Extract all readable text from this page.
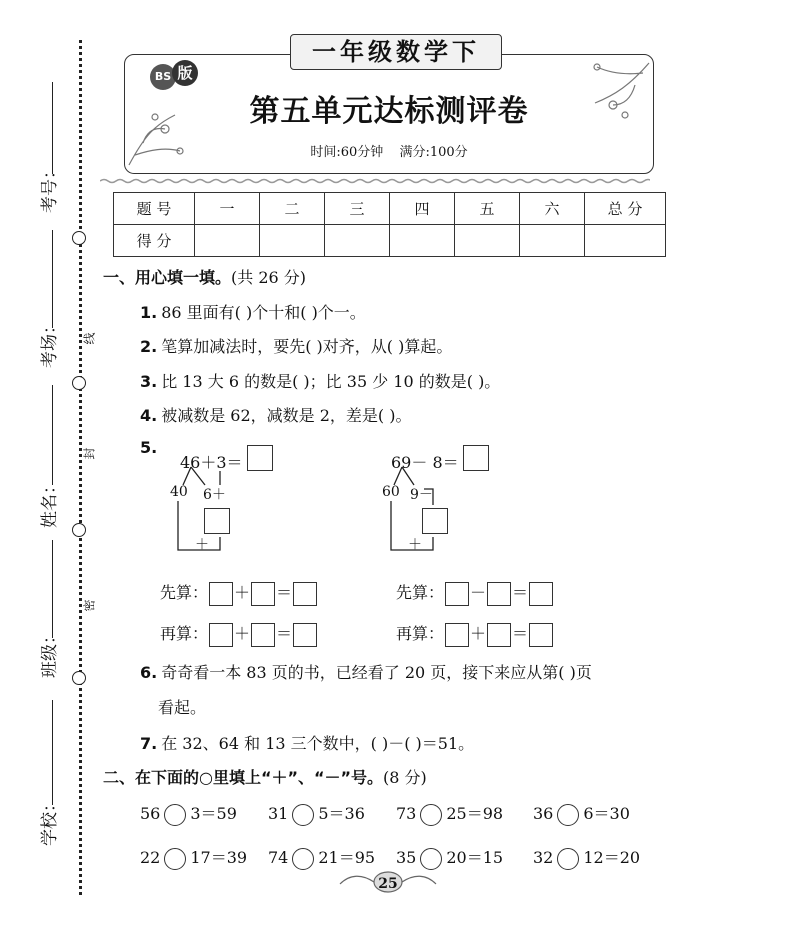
考号：
考场：
姓名：
班级：
学校：
线
封
密
一年级数学下
BS 版
第五单元达标测评卷
时间:60分钟 满分:100分
题 号	一	二	三	四	五	六	总 分
得 分							
一、用心填一填。(共 26 分)
1. 86 里面有( )个十和( )个一。
2. 笔算加减法时，要先( )对齐，从( )算起。
3. 比 13 大 6 的数是( )；比 35 少 10 的数是( )。
4. 被减数是 62，减数是 2，差是( )。
5.
46＋3＝
40 6＋
＋
先算： ＋ ＝
再算： ＋ ＝
69－ 8＝
60 9－
＋
先算： － ＝
再算： ＋ ＝
6. 奇奇看一本 83 页的书，已经看了 20 页，接下来应从第( )页
看起。
7. 在 32、64 和 13 三个数中，( )－( )＝51。
二、在下面的○里填上“＋”、“－”号。(8 分)
56 3＝59 31 5＝36 73 25＝98 36 6＝30
22 17＝39 74 21＝95 35 20＝15 32 12＝20
25
